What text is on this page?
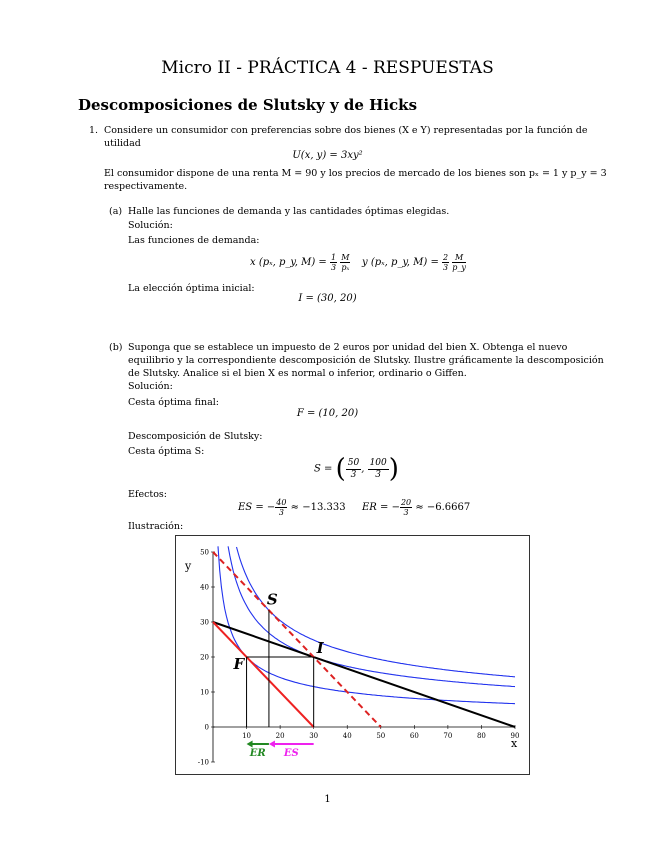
Micro II - PRÁCTICA 4 - RESPUESTAS
Descomposiciones de Slutsky y de Hicks
1. Considere un consumidor con preferencias sobre dos bienes (X e Y) representadas por la función de
utilidad
U(x, y) = 3xy²
El consumidor dispone de una renta M = 90 y los precios de mercado de los bienes son pₓ = 1 y p_y = 3
respectivamente.
(a) Halle las funciones de demanda y las cantidades óptimas elegidas.
Solución:
Las funciones de demanda:
x (pₓ, p_y, $M) = \frac{1}{3}$
$\frac{M}{\text{pₓ}}$ y (pₓ, p_y, $M) = \frac{2}{3}$
$\frac{M}{p\_y}$
La elección óptima inicial:
I = (30, 20)
(b) Suponga que se establece un impuesto de 2 euros por unidad del bien X. Obtenga el nuevo
equilibrio y la correspondiente descomposición de Slutsky. Ilustre gráficamente la descomposición
de Slutsky. Analice si el bien X es normal o inferior, ordinario o Giffen.
Solución:
Cesta óptima final:
F = (10, 20)
Descomposición de Slutsky:
Cesta óptima S:
S = ( $\frac{50}{3}$ , $\frac{100}{3}$ )
Efectos:
ES = − $\frac{40}{3} \approx -13.333$ ER = − $\frac{20}{3} \approx -6.6667$
Ilustración:
10	20	30	40	50	60	70	80	90
-10
0
10
20
30
40
50
x
y
I
F
S
ER ES
1
